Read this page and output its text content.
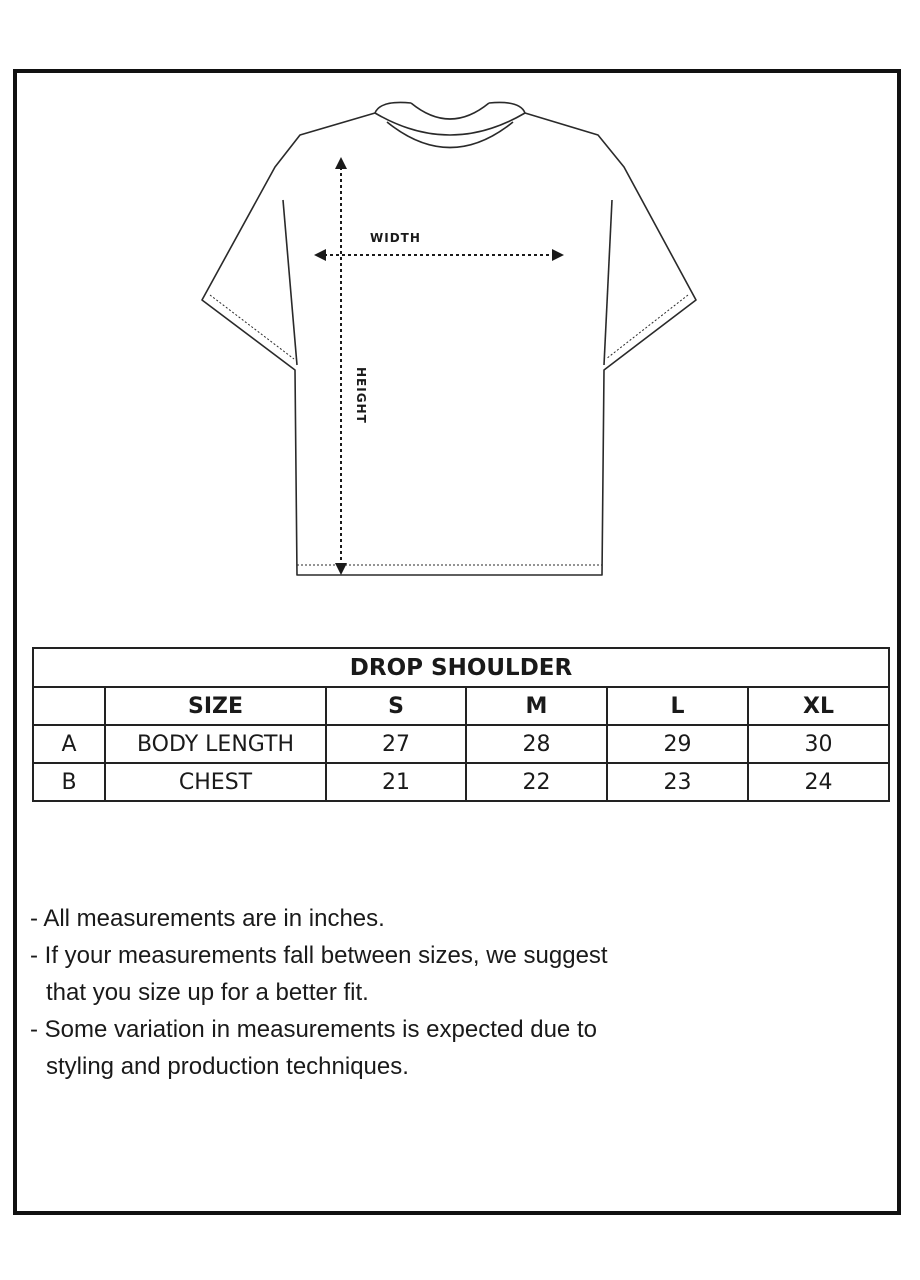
WIDTH
HEIGHT
DROP SHOULDER					
	SIZE	S	M	L	XL
A	BODY LENGTH	27	28	29	30
B	CHEST	21	22	23	24

- All measurements are in inches.

- If your measurements fall between sizes, we suggest
that you size up for a better fit.

- Some variation in measurements is expected due to
styling and production techniques.
